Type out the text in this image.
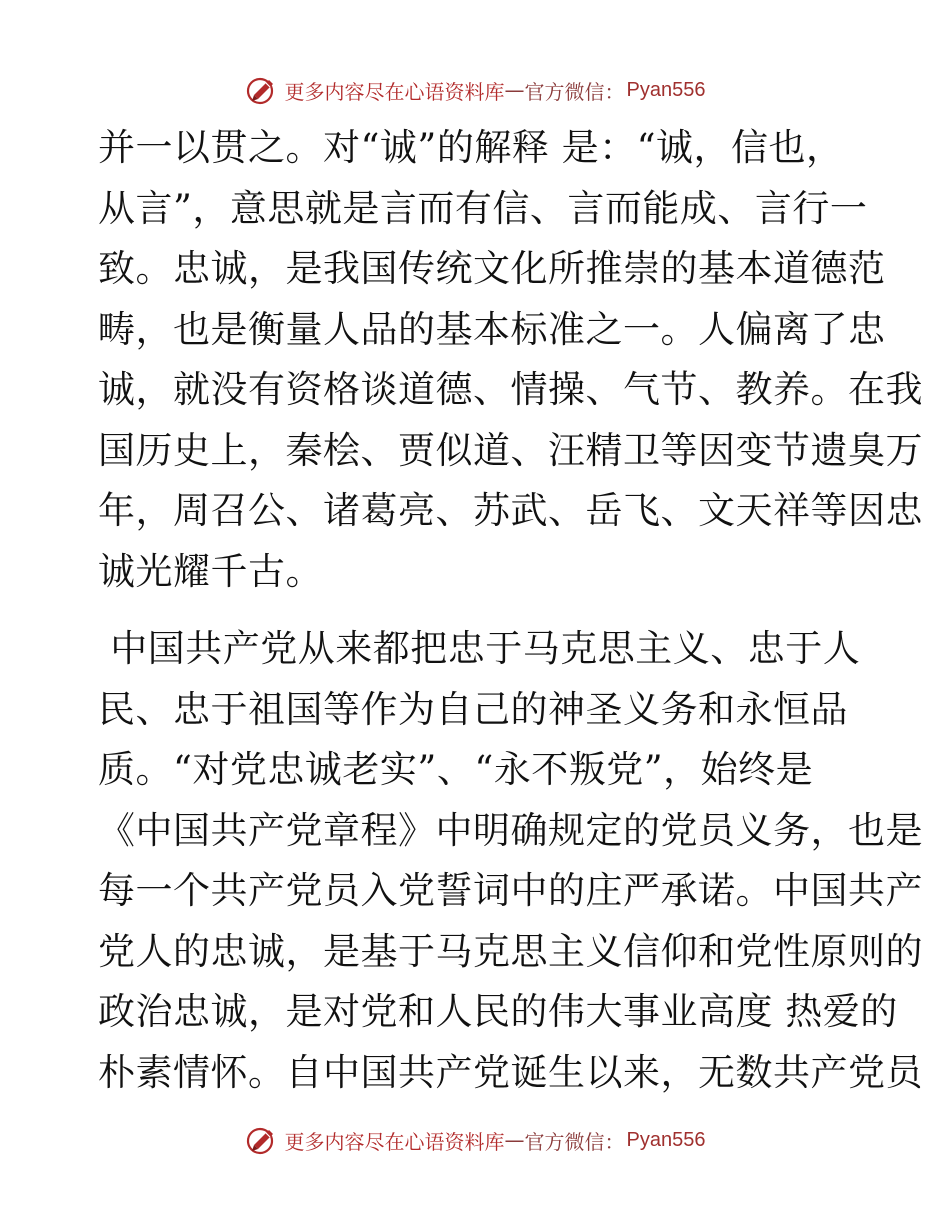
更多内容尽在心语资料库 — 官方微信： Pyan556

并一以贯之。对“诚”的解释 是：“诚，信也，
从言”，意思就是言而有信、言而能成、言行一
致。忠诚，是我国传统文化所推崇的基本道德范
畴，也是衡量人品的基本标准之一。人偏离了忠
诚，就没有资格谈道德、情操、气节、教养。在我
国历史上，秦桧、贾似道、汪精卫等因变节遗臭万
年，周召公、诸葛亮、苏武、岳飞、文天祥等因忠
诚光耀千古。

中国共产党从来都把忠于马克思主义、忠于人
民、忠于祖国等作为自己的神圣义务和永恒品
质。“对党忠诚老实”、“永不叛党”，始终是
《中国共产党章程》中明确规定的党员义务，也是
每一个共产党员入党誓词中的庄严承诺。中国共产
党人的忠诚，是基于马克思主义信仰和党性原则的
政治忠诚，是对党和人民的伟大事业高度 热爱的
朴素情怀。自中国共产党诞生以来，无数共产党员

更多内容尽在心语资料库 — 官方微信： Pyan556
